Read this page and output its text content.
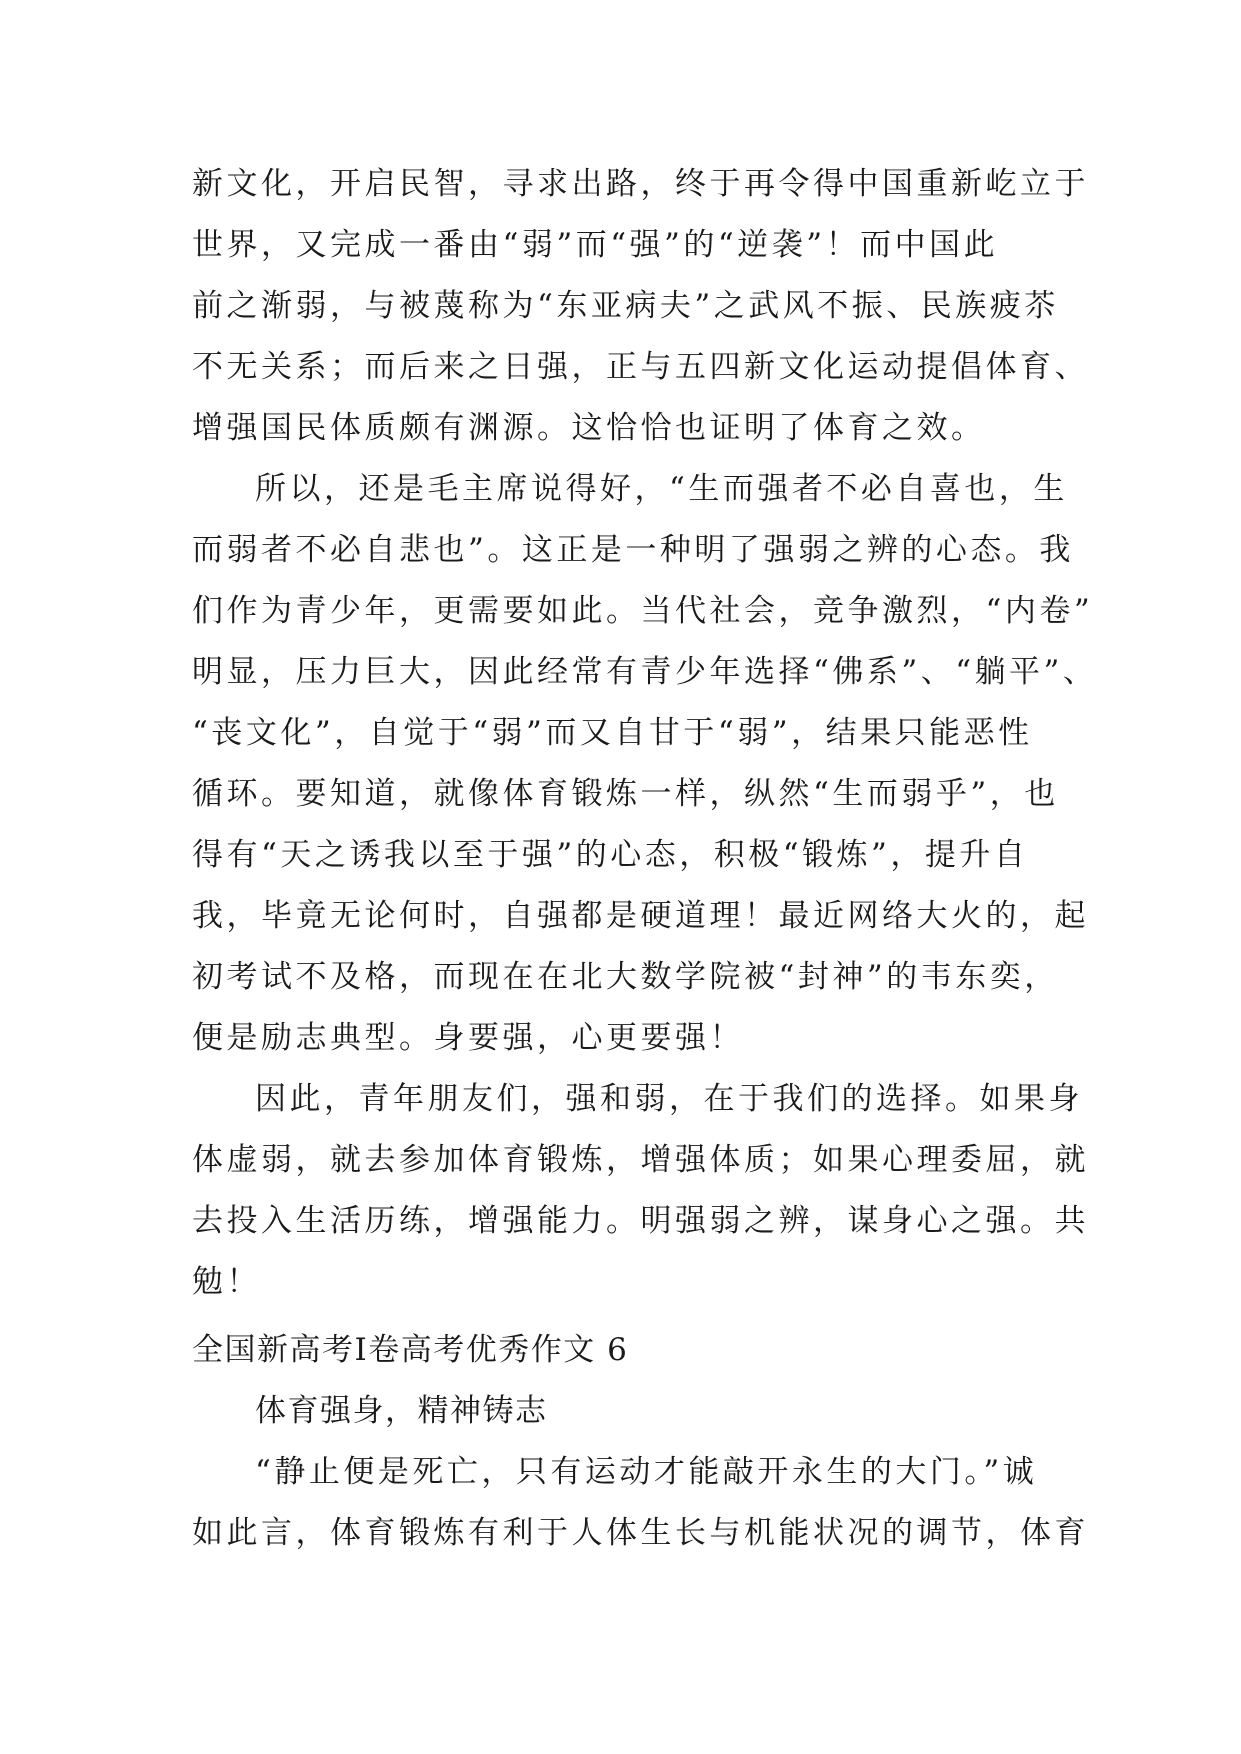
新文化，开启民智，寻求出路，终于再令得中国重新屹立于
世界，又完成一番由“弱”而“强”的“逆袭”！而中国此
前之渐弱，与被蔑称为“东亚病夫”之武风不振、民族疲苶
不无关系；而后来之日强，正与五四新文化运动提倡体育、
增强国民体质颇有渊源。这恰恰也证明了体育之效。
所以，还是毛主席说得好，“生而强者不必自喜也，生
而弱者不必自悲也”。这正是一种明了强弱之辨的心态。我
们作为青少年，更需要如此。当代社会，竞争激烈，“内卷”
明显，压力巨大，因此经常有青少年选择“佛系”、“躺平”、
“丧文化”，自觉于“弱”而又自甘于“弱”，结果只能恶性
循环。要知道，就像体育锻炼一样，纵然“生而弱乎”，也
得有“天之诱我以至于强”的心态，积极“锻炼”，提升自
我，毕竟无论何时，自强都是硬道理！最近网络大火的，起
初考试不及格，而现在在北大数学院被“封神”的韦东奕，
便是励志典型。身要强，心更要强！
因此，青年朋友们，强和弱，在于我们的选择。如果身
体虚弱，就去参加体育锻炼，增强体质；如果心理委屈，就
去投入生活历练，增强能力。明强弱之辨，谋身心之强。共
勉！
全国新高考Ⅰ卷高考优秀作文 6
体育强身，精神铸志
“静止便是死亡，只有运动才能敲开永生的大门。”诚
如此言，体育锻炼有利于人体生长与机能状况的调节，体育
